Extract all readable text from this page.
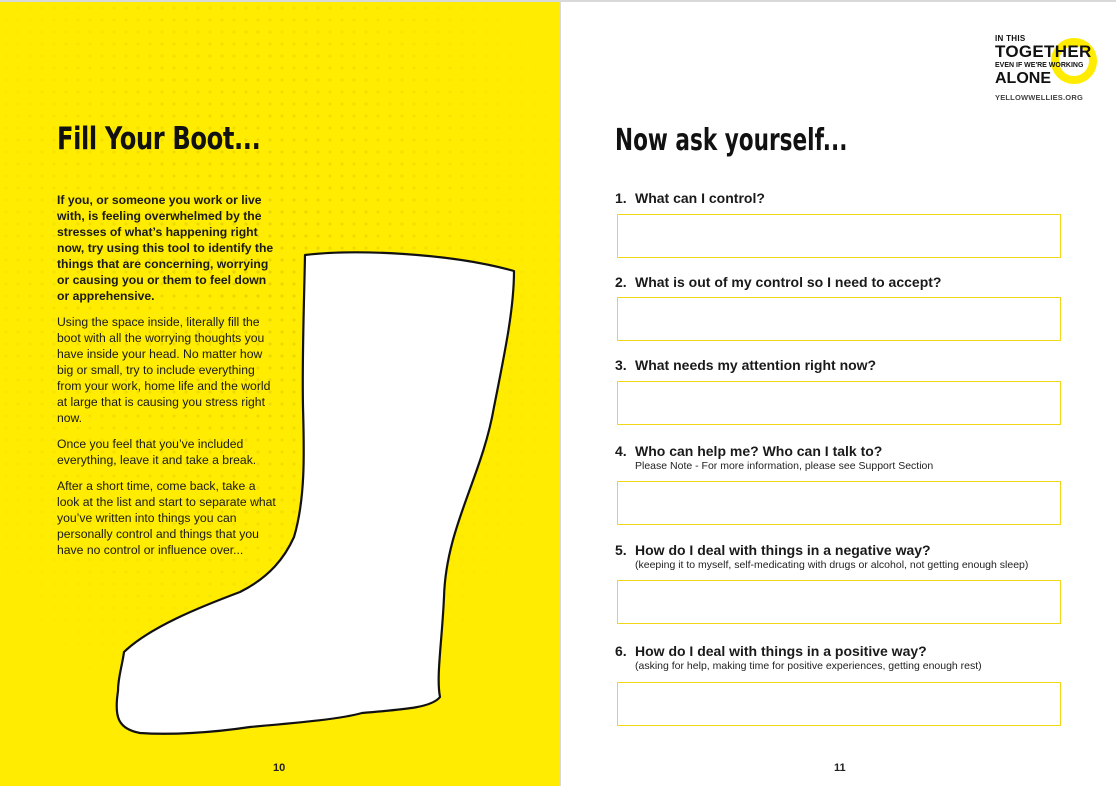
Fill Your Boot...

If you, or someone you work or live with, is feeling overwhelmed by the stresses of what’s happening right now, try using this tool to identify the things that are concerning, worrying or causing you or them to feel down or apprehensive.

Using the space inside, literally fill the boot with all the worrying thoughts you have inside your head. No matter how big or small, try to include everything from your work, home life and the world at large that is causing you stress right now.

Once you feel that you’ve included everything, leave it and take a break.

After a short time, come back, take a look at the list and start to separate what you’ve written into things you can personally control and things that you have no control or influence over...

10
IN THIS
TOGETHER
EVEN IF WE'RE WORKING
ALONE
YELLOWWELLIES.ORG
Now ask yourself...
1. What can I control?
2. What is out of my control so I need to accept?
3. What needs my attention right now?
4. Who can help me? Who can I talk to?
Please Note - For more information, please see Support Section
5. How do I deal with things in a negative way?
(keeping it to myself, self-medicating with drugs or alcohol, not getting enough sleep)
6. How do I deal with things in a positive way?
(asking for help, making time for positive experiences, getting enough rest)
11
